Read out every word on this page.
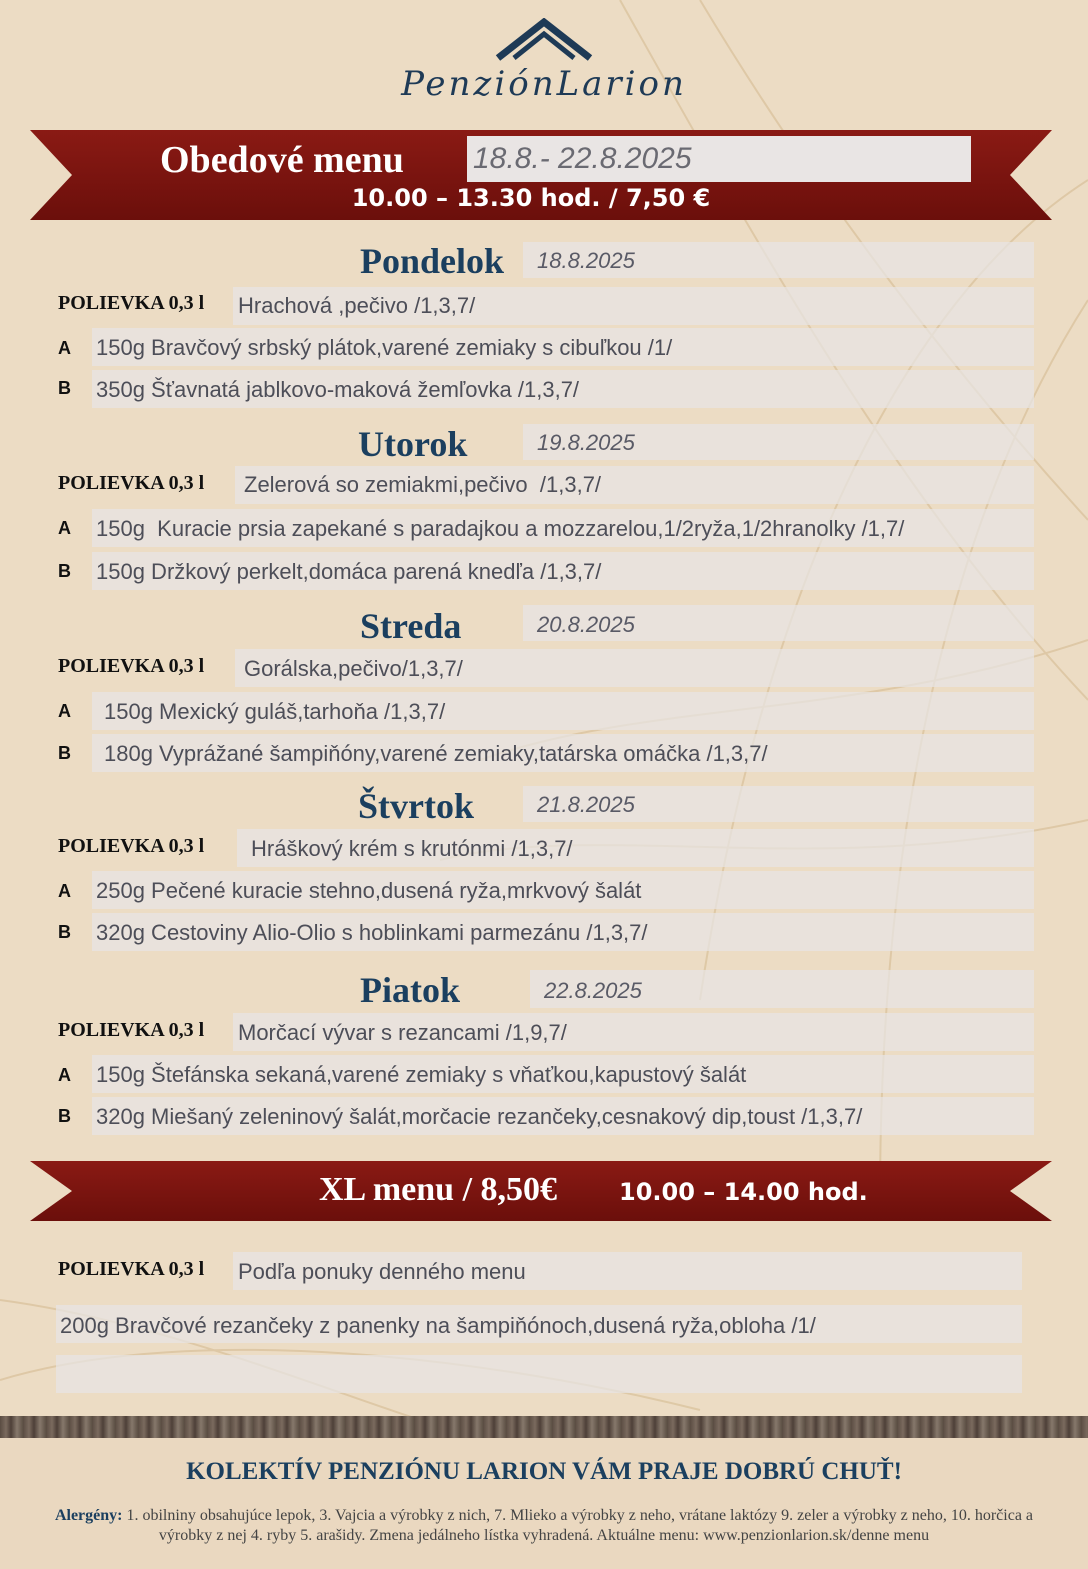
PenziónLarion
Obedové menu 18.8.- 22.8.2025
10.00 – 13.30 hod. / 7,50 €
Pondelok 18.8.2025
POLIEVKA 0,3 l Hrachová ,pečivo /1,3,7/
A 150g Bravčový srbský plátok,varené zemiaky s cibuľkou /1/
B 350g Šťavnatá jablkovo-maková žemľovka /1,3,7/
Utorok	19.8.2025
POLIEVKA 0,3 l Zelerová so zemiakmi,pečivo  /1,3,7/
A 150g  Kuracie prsia zapekané s paradajkou a mozzarelou,1/2ryža,1/2hranolky /1,7/
B 150g Držkový perkelt,domáca parená knedľa /1,3,7/
Streda	20.8.2025
POLIEVKA 0,3 l Gorálska,pečivo/1,3,7/
A 150g Mexický guláš,tarhoňa /1,3,7/
B 180g Vyprážané šampiňóny,varené zemiaky,tatárska omáčka /1,3,7/
Štvrtok	21.8.2025
POLIEVKA 0,3 l Hráškový krém s krutónmi /1,3,7/
A 250g Pečené kuracie stehno,dusená ryža,mrkvový šalát
B 320g Cestoviny Alio-Olio s hoblinkami parmezánu /1,3,7/
Piatok	22.8.2025
POLIEVKA 0,3 l Morčací vývar s rezancami /1,9,7/
A 150g Štefánska sekaná,varené zemiaky s vňaťkou,kapustový šalát
B 320g Miešaný zeleninový šalát,morčacie rezančeky,cesnakový dip,toust /1,3,7/
XL menu / 8,50€	10.00 – 14.00 hod.
POLIEVKA 0,3 l Podľa ponuky denného menu
200g Bravčové rezančeky z panenky na šampiňónoch,dusená ryža,obloha /1/
KOLEKTÍV PENZIÓNU LARION VÁM PRAJE DOBRÚ CHUŤ!
Alergény: 1. obilniny obsahujúce lepok, 3. Vajcia a výrobky z nich, 7. Mlieko a výrobky z neho, vrátane laktózy 9. zeler a výrobky z neho, 10. horčica a výrobky z nej 4. ryby 5. arašidy. Zmena jedálneho lístka vyhradená. Aktuálne menu: www.penzionlarion.sk/denne menu
